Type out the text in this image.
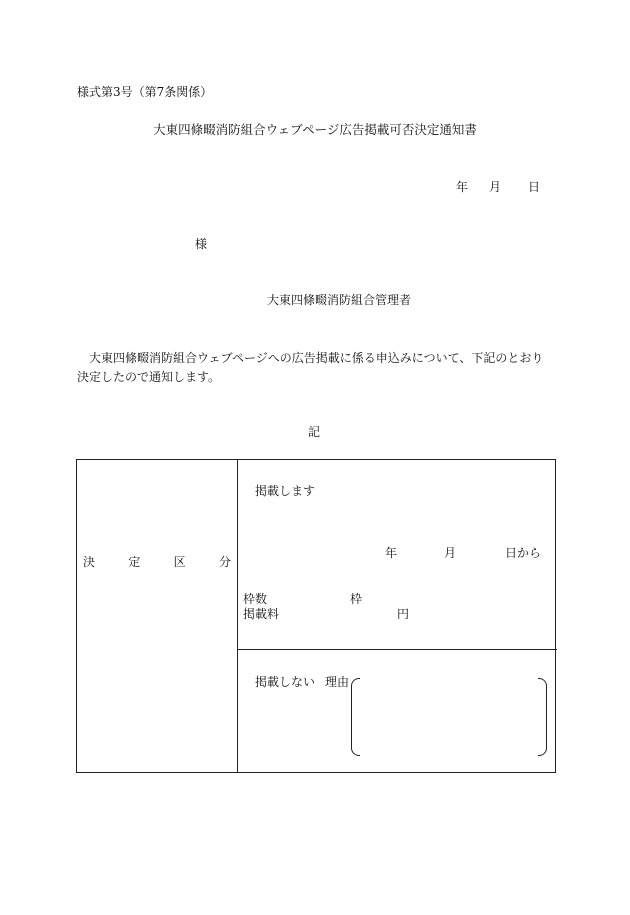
様式第3号（第7条関係）
大東四條畷消防組合ウェブページ広告掲載可否決定通知書
年 月 日
様
大東四條畷消防組合管理者
　大東四條畷消防組合ウェブページへの広告掲載に係る申込みについて、下記のとおり決定したので通知します。
記
決	定	区	分
掲載します
年	月	日から
枠数	枠
掲載料	円
掲載しない 理由
